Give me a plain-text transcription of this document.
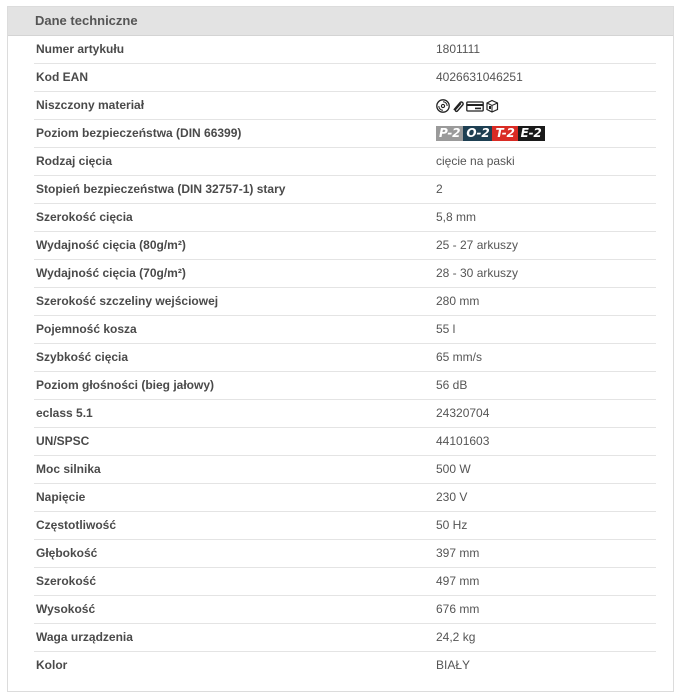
Dane techniczne
Numer artykułu	1801111
Kod EAN	4026631046251
Niszczony materiał
Poziom bezpieczeństwa (DIN 66399)	P-2 O-2 T-2 E-2
Rodzaj cięcia	cięcie na paski
Stopień bezpieczeństwa (DIN 32757-1) stary	2
Szerokość cięcia	5,8 mm
Wydajność cięcia (80g/m²)	25 - 27 arkuszy
Wydajność cięcia (70g/m²)	28 - 30 arkuszy
Szerokość szczeliny wejściowej	280 mm
Pojemność kosza	55 l
Szybkość cięcia	65 mm/s
Poziom głośności (bieg jałowy)	56 dB
eclass 5.1	24320704
UN/SPSC	44101603
Moc silnika	500 W
Napięcie	230 V
Częstotliwość	50 Hz
Głębokość	397 mm
Szerokość	497 mm
Wysokość	676 mm
Waga urządzenia	24,2 kg
Kolor	BIAŁY
